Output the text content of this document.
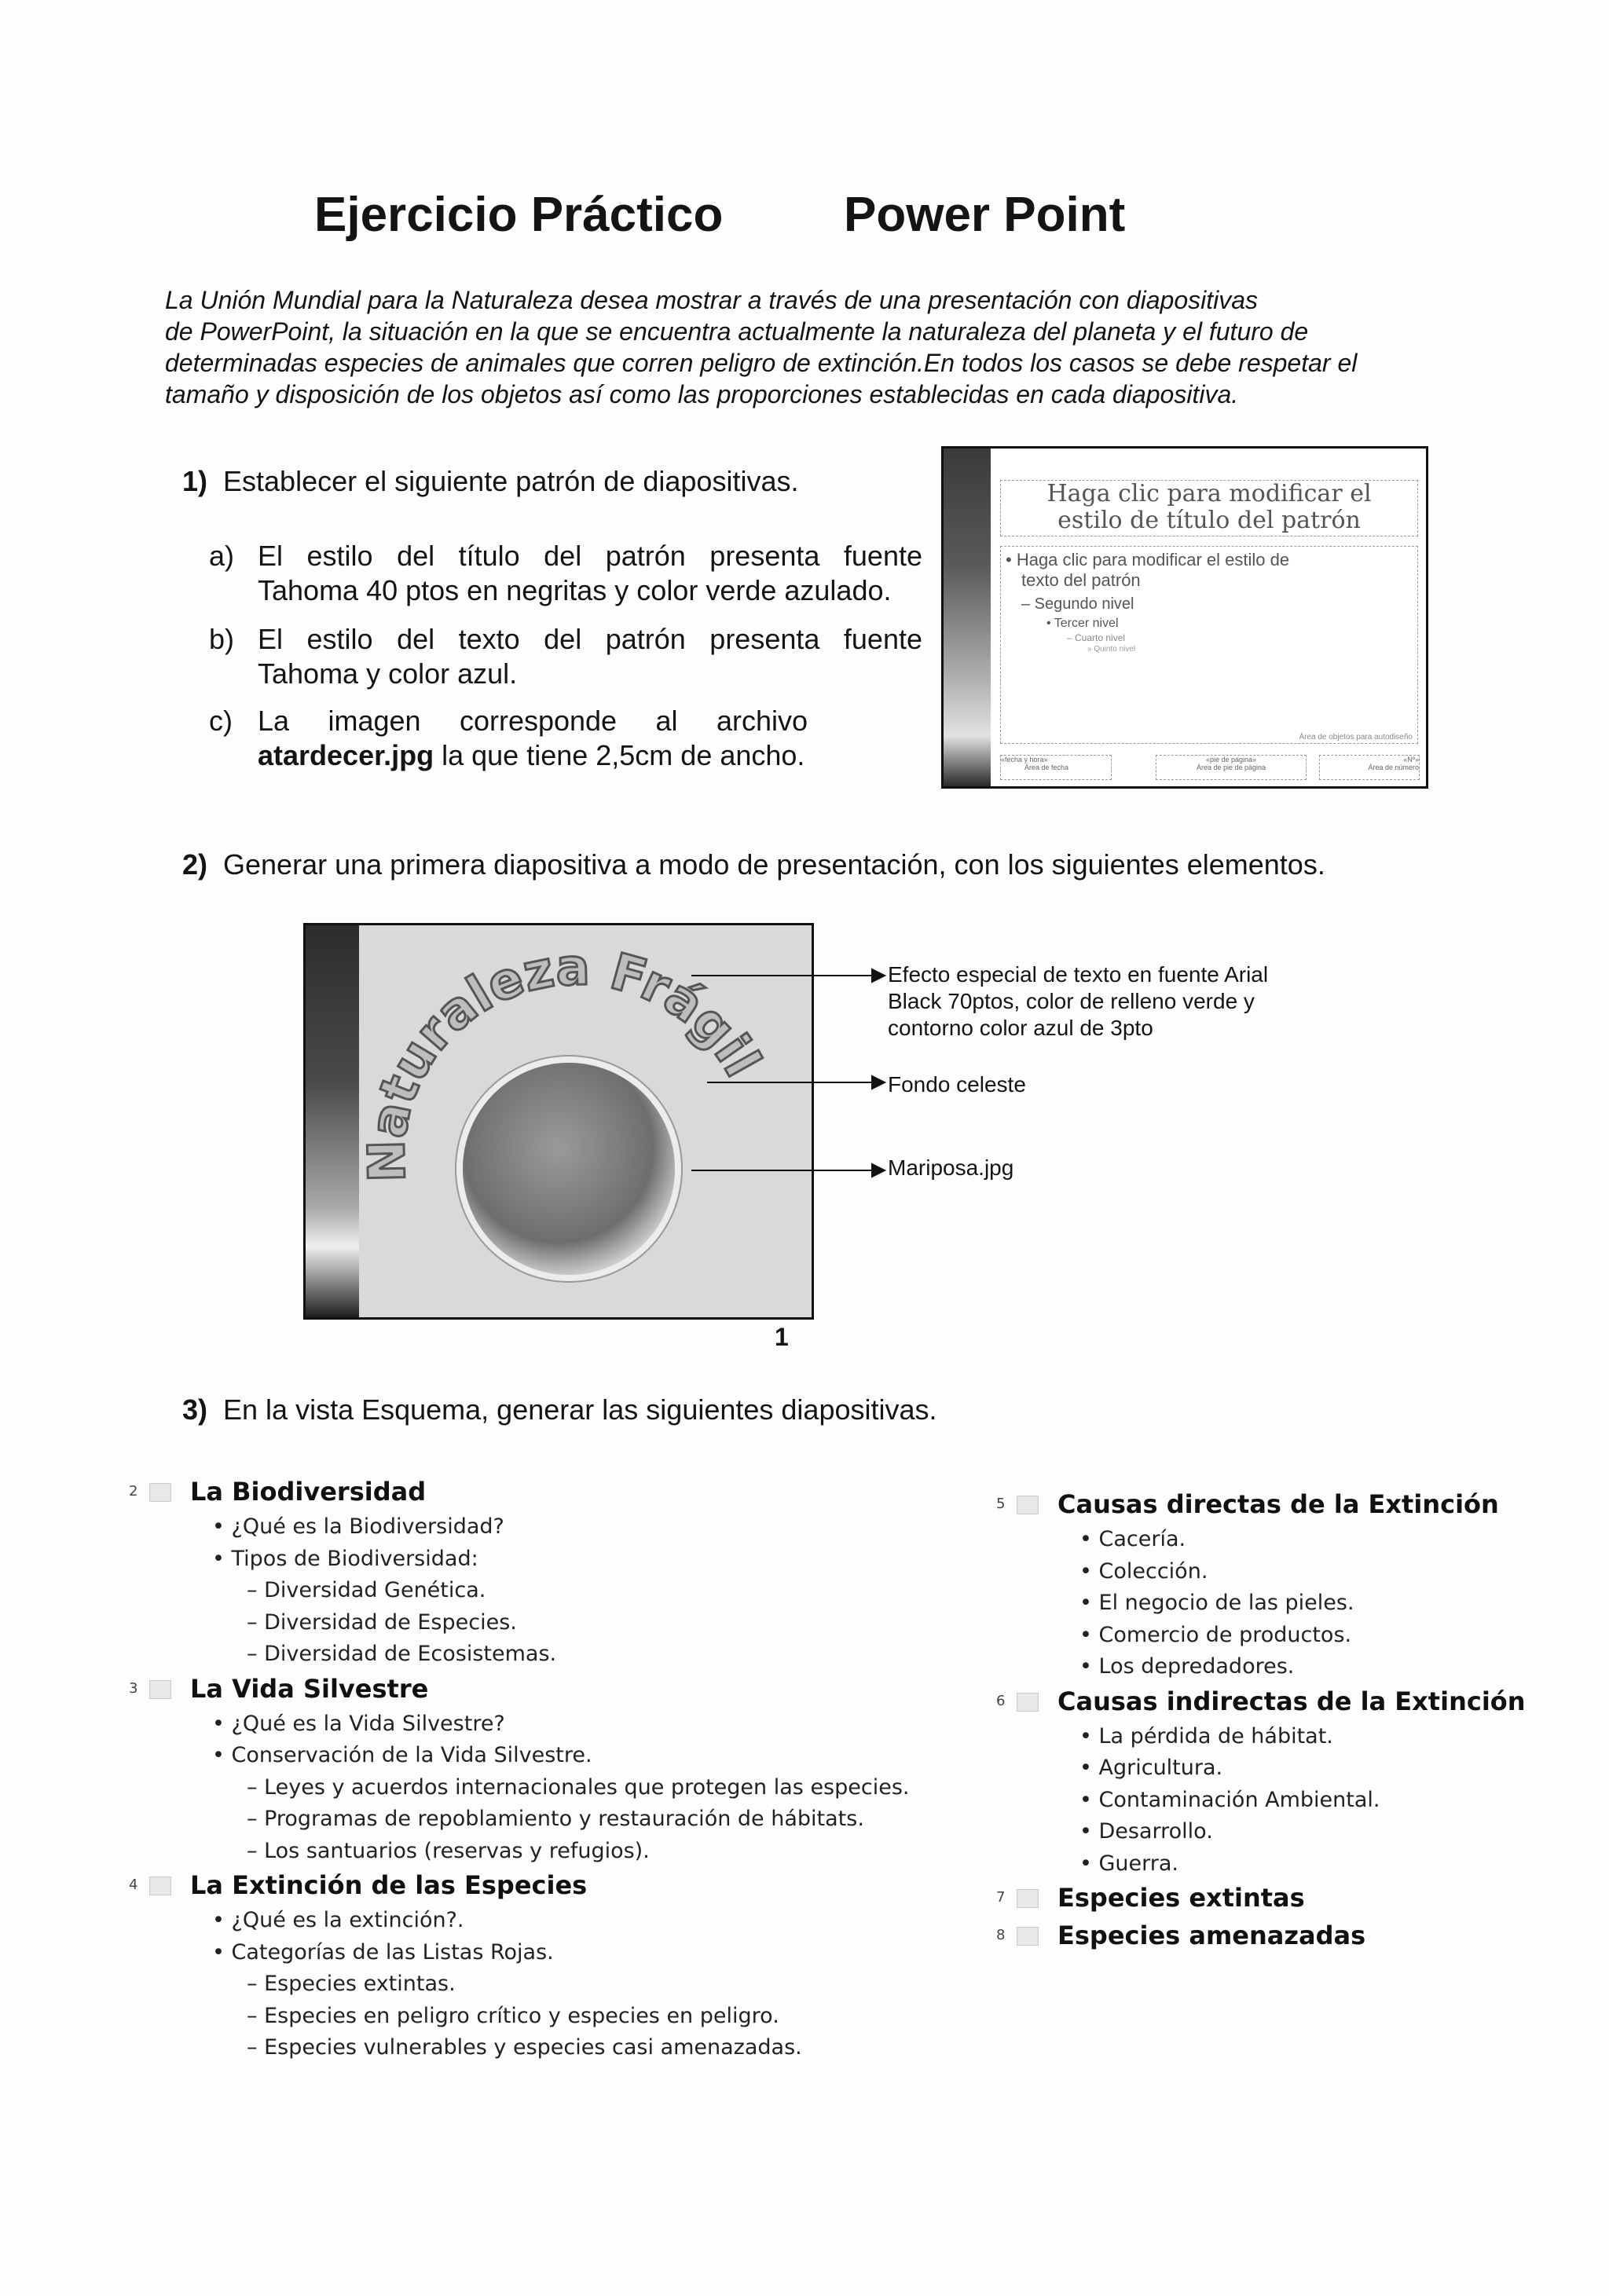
Ejercicio Práctico Power Point
La Unión Mundial para la Naturaleza desea mostrar a través de una presentación con diapositivas
de PowerPoint, la situación en la que se encuentra actualmente la naturaleza del planeta y el futuro de
determinadas especies de animales que corren peligro de extinción.En todos los casos se debe respetar el
tamaño y disposición de los objetos así como las proporciones establecidas en cada diapositiva.
1) Establecer el siguiente patrón de diapositivas.
a) El estilo del título del patrón presenta fuente
Tahoma 40 ptos en negritas y color verde azulado.
b) El estilo del texto del patrón presenta fuente
Tahoma y color azul.
c) La imagen corresponde al archivo
atardecer.jpg la que tiene 2,5cm de ancho.
Haga clic para modificar el
estilo de título del patrón
• Haga clic para modificar el estilo de
texto del patrón
– Segundo nivel
• Tercer nivel
– Cuarto nivel
» Quinto nivel
Área de objetos para autodiseño
«fecha y hora»
Área de fecha
«pie de página»
Área de pie de página
«Nº»
Área de número
2) Generar una primera diapositiva a modo de presentación, con los siguientes elementos.
Naturaleza Frágil
1
Efecto especial de texto en fuente Arial
Black 70ptos, color de relleno verde y
contorno color azul de 3pto
Fondo celeste
Mariposa.jpg
3) En la vista Esquema, generar las siguientes diapositivas.
2 La Biodiversidad
• ¿Qué es la Biodiversidad?
• Tipos de Biodiversidad:
– Diversidad Genética.
– Diversidad de Especies.
– Diversidad de Ecosistemas.
3 La Vida Silvestre
• ¿Qué es la Vida Silvestre?
• Conservación de la Vida Silvestre.
– Leyes y acuerdos internacionales que protegen las especies.
– Programas de repoblamiento y restauración de hábitats.
– Los santuarios (reservas y refugios).
4 La Extinción de las Especies
• ¿Qué es la extinción?.
• Categorías de las Listas Rojas.
– Especies extintas.
– Especies en peligro crítico y especies en peligro.
– Especies vulnerables y especies casi amenazadas.
5 Causas directas de la Extinción
• Cacería.
• Colección.
• El negocio de las pieles.
• Comercio de productos.
• Los depredadores.
6 Causas indirectas de la Extinción
• La pérdida de hábitat.
• Agricultura.
• Contaminación Ambiental.
• Desarrollo.
• Guerra.
7 Especies extintas
8 Especies amenazadas
